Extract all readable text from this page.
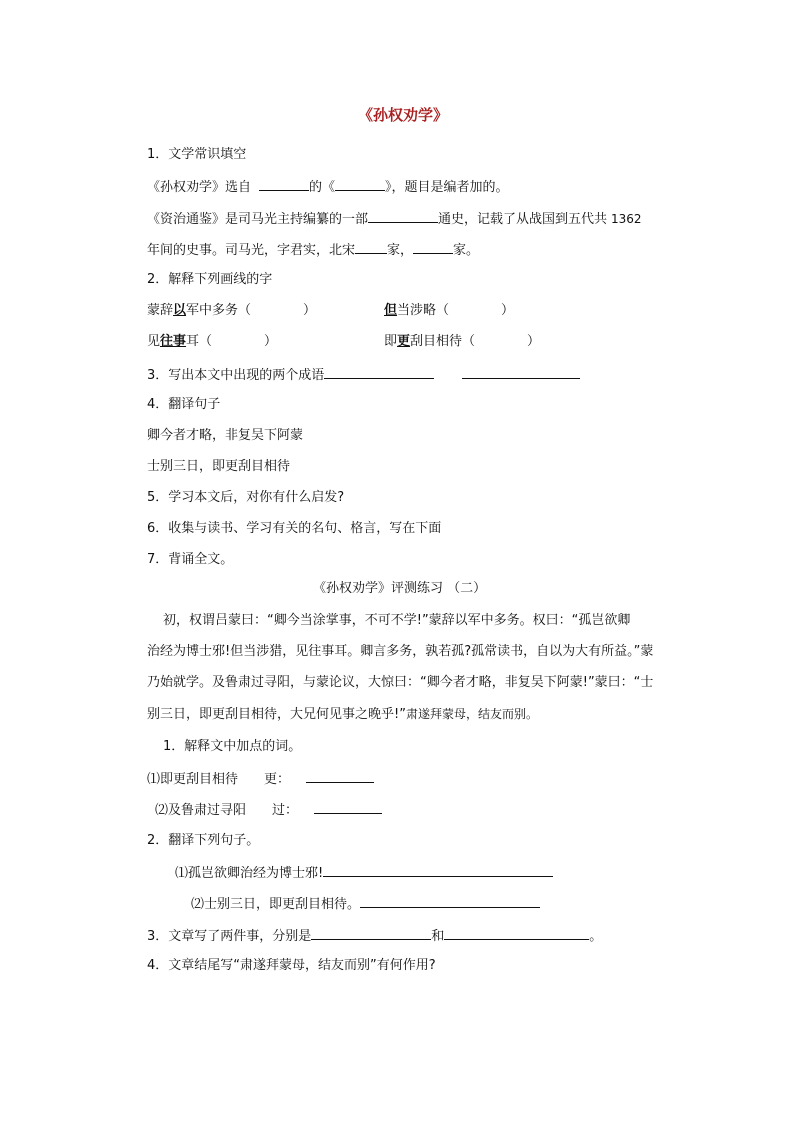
《孙权劝学》
1．文学常识填空
《孙权劝学》选自	的《	》，题目是编者加的。
《资治通鉴》是司马光主持编纂的一部	通史，记载了从战国到五代共 1362
年间的史事。司马光，字君实，北宋 家，	家。
2．解释下列画线的字
蒙辞以军中多务（　　　　）	但当涉略（　　　　）
见往事耳（　　　　）	即更刮目相待（　　　　）
3．写出本文中出现的两个成语
4．翻译句子
卿今者才略，非复吴下阿蒙
士别三日，即更刮目相待
5．学习本文后，对你有什么启发?
6．收集与读书、学习有关的名句、格言，写在下面
7．背诵全文。
《孙权劝学》评测练习 （二）
初，权谓吕蒙曰：“卿今当涂掌事，不可不学!”蒙辞以军中多务。权曰：“孤岂欲卿
治经为博士邪!但当涉猎，见往事耳。卿言多务，孰若孤?孤常读书，自以为大有所益。”蒙
乃始就学。及鲁肃过寻阳，与蒙论议，大惊曰：“卿今者才略，非复吴下阿蒙!”蒙曰：“士
别三日，即更刮目相待，大兄何见事之晚乎!”肃遂拜蒙母，结友而别。
1．解释文中加点的词。
⑴即更刮目相待　　更：
⑵及鲁肃过寻阳　　过：
2．翻译下列句子。
⑴孤岂欲卿治经为博士邪!
⑵士别三日，即更刮目相待。
3．文章写了两件事，分别是	和	。
4．文章结尾写“肃遂拜蒙母，结友而别”有何作用?
